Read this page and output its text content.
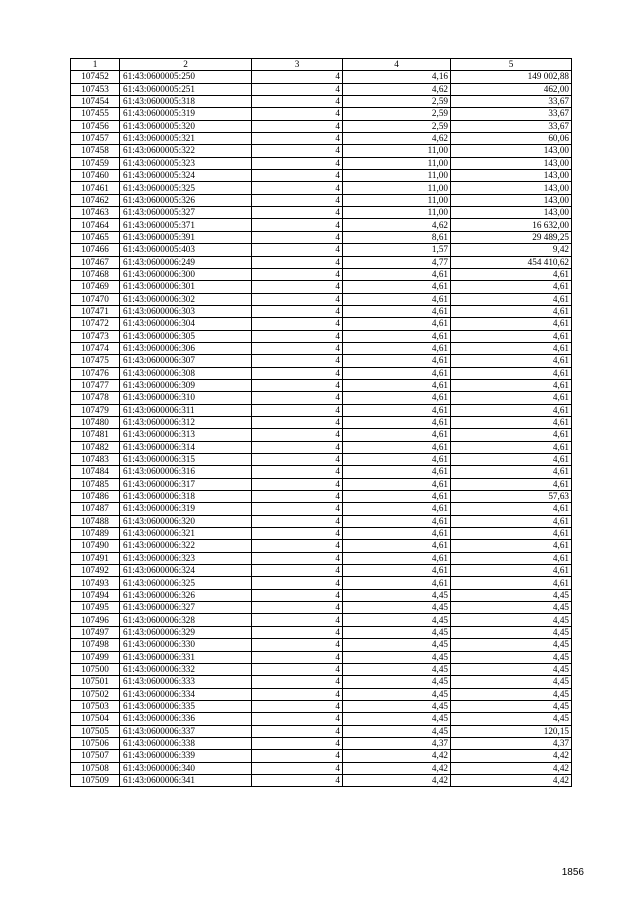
1	2	3	4	5
107452	61:43:0600005:250	4	4,16	149 002,88
107453	61:43:0600005:251	4	4,62	462,00
107454	61:43:0600005:318	4	2,59	33,67
107455	61:43:0600005:319	4	2,59	33,67
107456	61:43:0600005:320	4	2,59	33,67
107457	61:43:0600005:321	4	4,62	60,06
107458	61:43:0600005:322	4	11,00	143,00
107459	61:43:0600005:323	4	11,00	143,00
107460	61:43:0600005:324	4	11,00	143,00
107461	61:43:0600005:325	4	11,00	143,00
107462	61:43:0600005:326	4	11,00	143,00
107463	61:43:0600005:327	4	11,00	143,00
107464	61:43:0600005:371	4	4,62	16 632,00
107465	61:43:0600005:391	4	8,61	29 489,25
107466	61:43:0600005:403	4	1,57	9,42
107467	61:43:0600006:249	4	4,77	454 410,62
107468	61:43:0600006:300	4	4,61	4,61
107469	61:43:0600006:301	4	4,61	4,61
107470	61:43:0600006:302	4	4,61	4,61
107471	61:43:0600006:303	4	4,61	4,61
107472	61:43:0600006:304	4	4,61	4,61
107473	61:43:0600006:305	4	4,61	4,61
107474	61:43:0600006:306	4	4,61	4,61
107475	61:43:0600006:307	4	4,61	4,61
107476	61:43:0600006:308	4	4,61	4,61
107477	61:43:0600006:309	4	4,61	4,61
107478	61:43:0600006:310	4	4,61	4,61
107479	61:43:0600006:311	4	4,61	4,61
107480	61:43:0600006:312	4	4,61	4,61
107481	61:43:0600006:313	4	4,61	4,61
107482	61:43:0600006:314	4	4,61	4,61
107483	61:43:0600006:315	4	4,61	4,61
107484	61:43:0600006:316	4	4,61	4,61
107485	61:43:0600006:317	4	4,61	4,61
107486	61:43:0600006:318	4	4,61	57,63
107487	61:43:0600006:319	4	4,61	4,61
107488	61:43:0600006:320	4	4,61	4,61
107489	61:43:0600006:321	4	4,61	4,61
107490	61:43:0600006:322	4	4,61	4,61
107491	61:43:0600006:323	4	4,61	4,61
107492	61:43:0600006:324	4	4,61	4,61
107493	61:43:0600006:325	4	4,61	4,61
107494	61:43:0600006:326	4	4,45	4,45
107495	61:43:0600006:327	4	4,45	4,45
107496	61:43:0600006:328	4	4,45	4,45
107497	61:43:0600006:329	4	4,45	4,45
107498	61:43:0600006:330	4	4,45	4,45
107499	61:43:0600006:331	4	4,45	4,45
107500	61:43:0600006:332	4	4,45	4,45
107501	61:43:0600006:333	4	4,45	4,45
107502	61:43:0600006:334	4	4,45	4,45
107503	61:43:0600006:335	4	4,45	4,45
107504	61:43:0600006:336	4	4,45	4,45
107505	61:43:0600006:337	4	4,45	120,15
107506	61:43:0600006:338	4	4,37	4,37
107507	61:43:0600006:339	4	4,42	4,42
107508	61:43:0600006:340	4	4,42	4,42
107509	61:43:0600006:341	4	4,42	4,42
1856
